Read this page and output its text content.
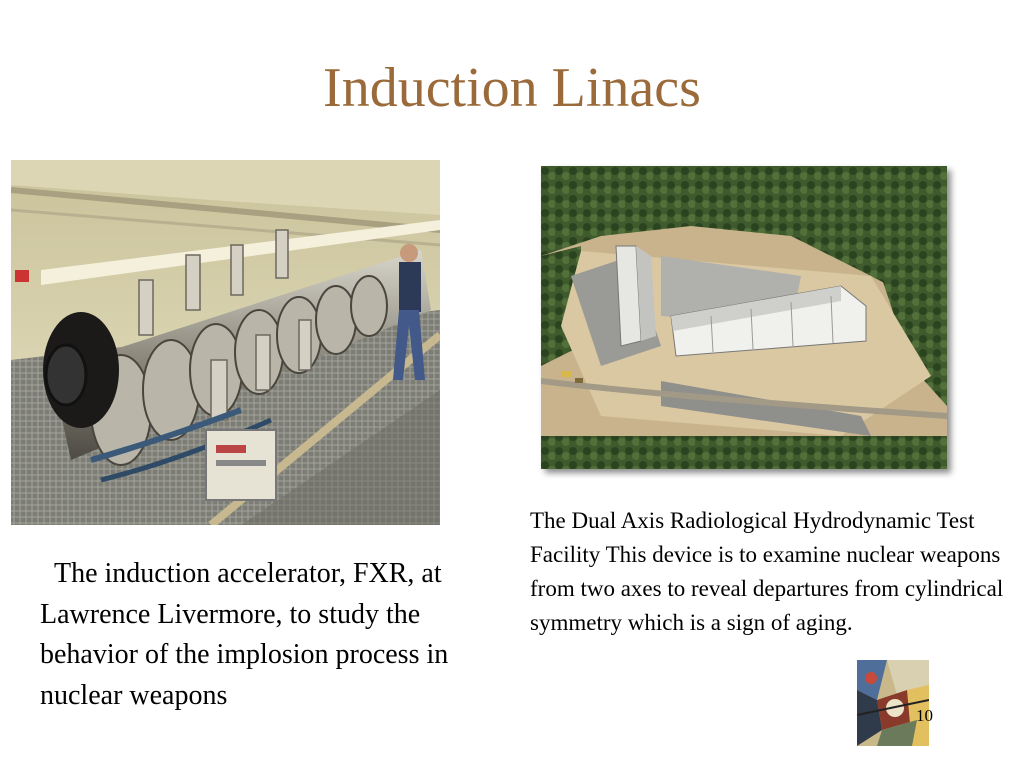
Induction Linacs
The induction accelerator, FXR, at Lawrence Livermore, to study the behavior of the implosion process in nuclear weapons
The Dual Axis Radiological Hydrodynamic Test Facility This device is to examine nuclear weapons from two axes to reveal departures from cylindrical symmetry which is a sign of aging.
10
